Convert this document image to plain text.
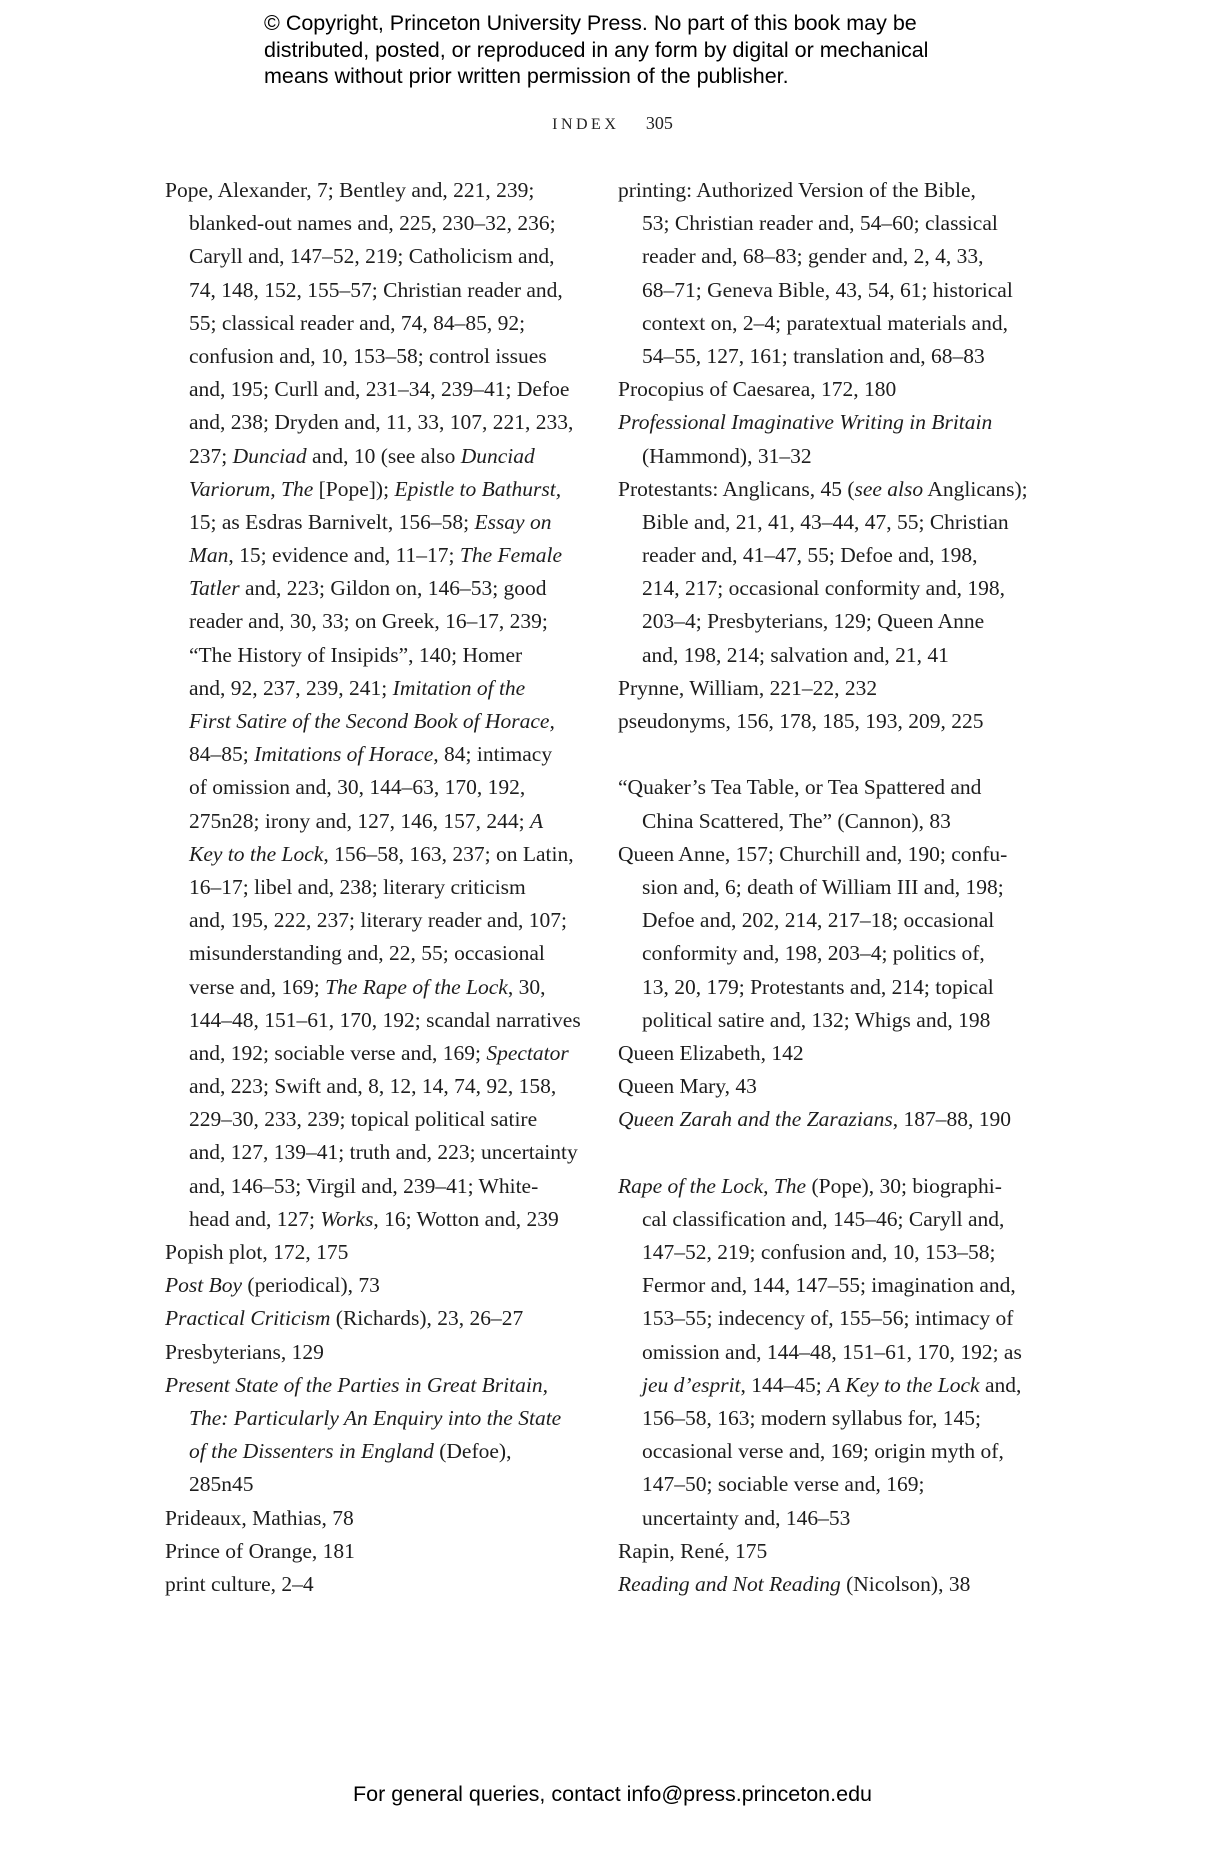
© Copyright, Princeton University Press. No part of this book may be
distributed, posted, or reproduced in any form by digital or mechanical
means without prior written permission of the publisher.
INDEX 305
Pope, Alexander, 7; Bentley and, 221, 239;
blanked-out names and, 225, 230–32, 236;
Caryll and, 147–52, 219; Catholicism and,
74, 148, 152, 155–57; Christian reader and,
55; classical reader and, 74, 84–85, 92;
confusion and, 10, 153–58; control issues
and, 195; Curll and, 231–34, 239–41; Defoe
and, 238; Dryden and, 11, 33, 107, 221, 233,
237; Dunciad and, 10 (see also Dunciad
Variorum, The [Pope]); Epistle to Bathurst,
15; as Esdras Barnivelt, 156–58; Essay on
Man, 15; evidence and, 11–17; The Female
Tatler and, 223; Gildon on, 146–53; good
reader and, 30, 33; on Greek, 16–17, 239;
“The History of Insipids”, 140; Homer
and, 92, 237, 239, 241; Imitation of the
First Satire of the Second Book of Horace,
84–85; Imitations of Horace, 84; intimacy
of omission and, 30, 144–63, 170, 192,
275n28; irony and, 127, 146, 157, 244; A
Key to the Lock, 156–58, 163, 237; on Latin,
16–17; libel and, 238; literary criticism
and, 195, 222, 237; literary reader and, 107;
misunderstanding and, 22, 55; occasional
verse and, 169; The Rape of the Lock, 30,
144–48, 151–61, 170, 192; scandal narratives
and, 192; sociable verse and, 169; Spectator
and, 223; Swift and, 8, 12, 14, 74, 92, 158,
229–30, 233, 239; topical political satire
and, 127, 139–41; truth and, 223; uncertainty
and, 146–53; Virgil and, 239–41; White-
head and, 127; Works, 16; Wotton and, 239
Popish plot, 172, 175
Post Boy (periodical), 73
Practical Criticism (Richards), 23, 26–27
Presbyterians, 129
Present State of the Parties in Great Britain,
The: Particularly An Enquiry into the State
of the Dissenters in England (Defoe),
285n45
Prideaux, Mathias, 78
Prince of Orange, 181
print culture, 2–4
printing: Authorized Version of the Bible,
53; Christian reader and, 54–60; classical
reader and, 68–83; gender and, 2, 4, 33,
68–71; Geneva Bible, 43, 54, 61; historical
context on, 2–4; paratextual materials and,
54–55, 127, 161; translation and, 68–83
Procopius of Caesarea, 172, 180
Professional Imaginative Writing in Britain
(Hammond), 31–32
Protestants: Anglicans, 45 (see also Anglicans);
Bible and, 21, 41, 43–44, 47, 55; Christian
reader and, 41–47, 55; Defoe and, 198,
214, 217; occasional conformity and, 198,
203–4; Presbyterians, 129; Queen Anne
and, 198, 214; salvation and, 21, 41
Prynne, William, 221–22, 232
pseudonyms, 156, 178, 185, 193, 209, 225
“Quaker’s Tea Table, or Tea Spattered and
China Scattered, The” (Cannon), 83
Queen Anne, 157; Churchill and, 190; confu-
sion and, 6; death of William III and, 198;
Defoe and, 202, 214, 217–18; occasional
conformity and, 198, 203–4; politics of,
13, 20, 179; Protestants and, 214; topical
political satire and, 132; Whigs and, 198
Queen Elizabeth, 142
Queen Mary, 43
Queen Zarah and the Zarazians, 187–88, 190
Rape of the Lock, The (Pope), 30; biographi-
cal classification and, 145–46; Caryll and,
147–52, 219; confusion and, 10, 153–58;
Fermor and, 144, 147–55; imagination and,
153–55; indecency of, 155–56; intimacy of
omission and, 144–48, 151–61, 170, 192; as
jeu d’esprit, 144–45; A Key to the Lock and,
156–58, 163; modern syllabus for, 145;
occasional verse and, 169; origin myth of,
147–50; sociable verse and, 169;
uncertainty and, 146–53
Rapin, René, 175
Reading and Not Reading (Nicolson), 38
For general queries, contact info@press.princeton.edu
